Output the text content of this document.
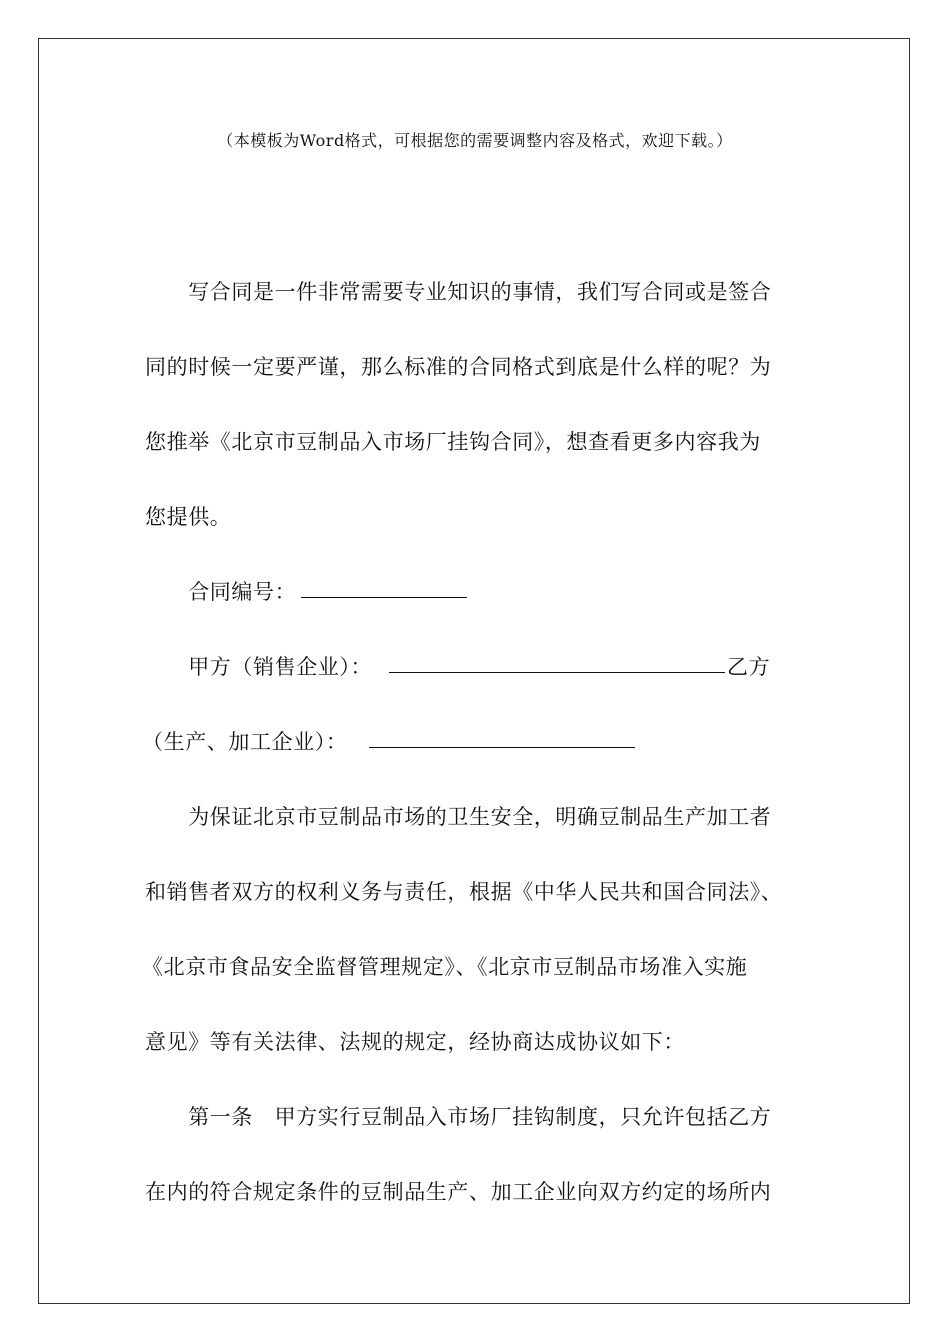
（本模板为Word格式，可根据您的需要调整内容及格式，欢迎下载。）
　　写合同是一件非常需要专业知识的事情，我们写合同或是签合
同的时候一定要严谨，那么标准的合同格式到底是什么样的呢？为
您推举《北京市豆制品入市场厂挂钩合同》，想查看更多内容我为
您提供。
　　合同编号：
　　甲方（销售企业）：	乙方
（生产、加工企业）：
　　为保证北京市豆制品市场的卫生安全，明确豆制品生产加工者
和销售者双方的权利义务与责任，根据《中华人民共和国合同法》、
《北京市食品安全监督管理规定》、《北京市豆制品市场准入实施
意见》等有关法律、法规的规定，经协商达成协议如下：
　　第一条　甲方实行豆制品入市场厂挂钩制度，只允许包括乙方
在内的符合规定条件的豆制品生产、加工企业向双方约定的场所内
